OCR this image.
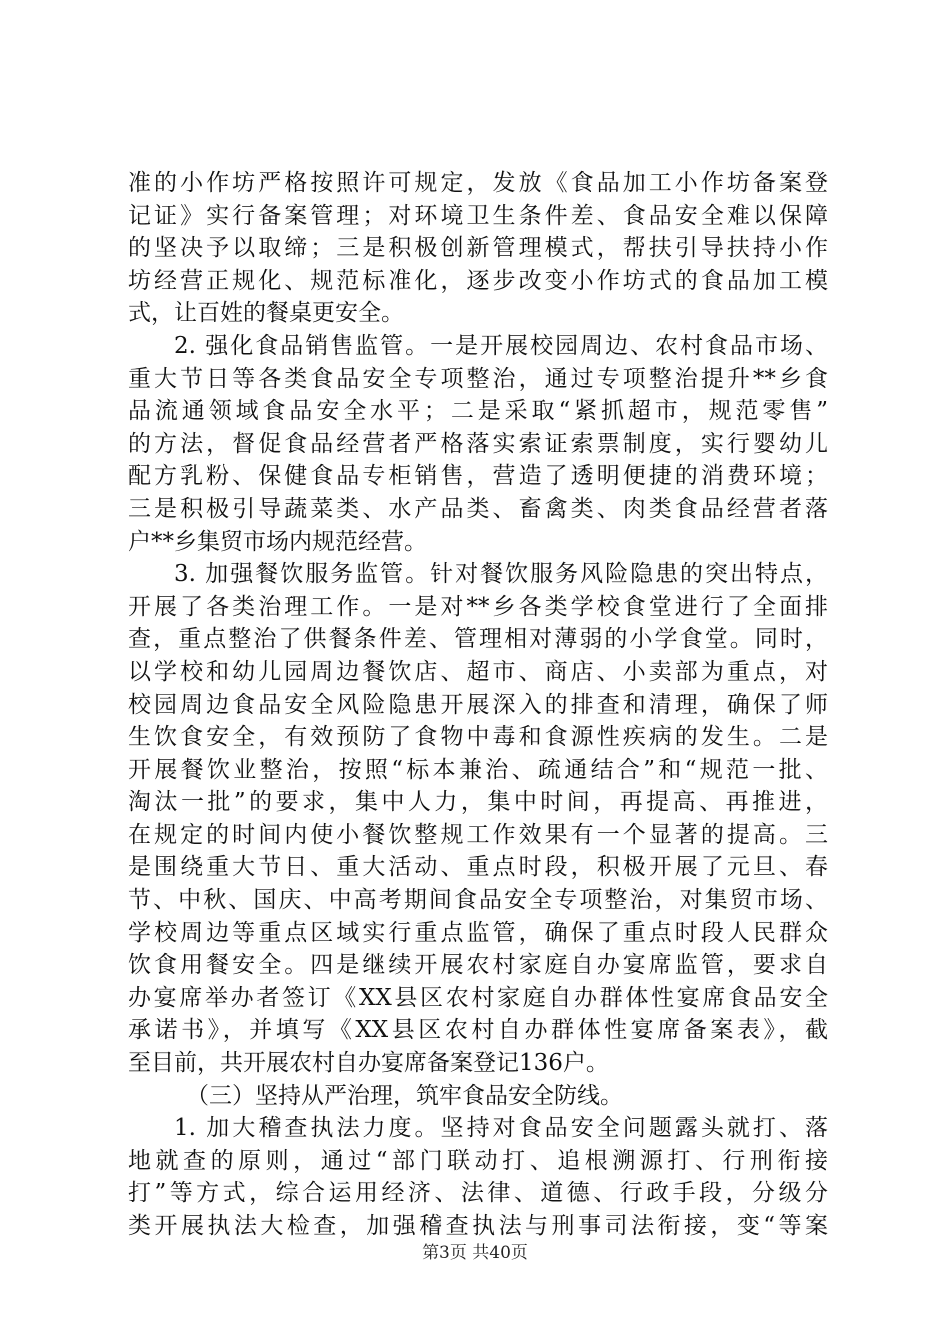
准的小作坊严格按照许可规定，发放《食品加工小作坊备案登
记证》实行备案管理；对环境卫生条件差、食品安全难以保障
的坚决予以取缔；三是积极创新管理模式，帮扶引导扶持小作
坊经营正规化、规范标准化，逐步改变小作坊式的食品加工模
式，让百姓的餐桌更安全。
2. 强化食品销售监管。一是开展校园周边、农村食品市场、
重大节日等各类食品安全专项整治，通过专项整治提升**乡食
品流通领域食品安全水平；二是采取“紧抓超市，规范零售”
的方法，督促食品经营者严格落实索证索票制度，实行婴幼儿
配方乳粉、保健食品专柜销售，营造了透明便捷的消费环境；
三是积极引导蔬菜类、水产品类、畜禽类、肉类食品经营者落
户**乡集贸市场内规范经营。
3. 加强餐饮服务监管。针对餐饮服务风险隐患的突出特点，
开展了各类治理工作。一是对**乡各类学校食堂进行了全面排
查，重点整治了供餐条件差、管理相对薄弱的小学食堂。同时，
以学校和幼儿园周边餐饮店、超市、商店、小卖部为重点，对
校园周边食品安全风险隐患开展深入的排查和清理，确保了师
生饮食安全，有效预防了食物中毒和食源性疾病的发生。二是
开展餐饮业整治，按照“标本兼治、疏通结合”和“规范一批、
淘汰一批”的要求，集中人力，集中时间，再提高、再推进，
在规定的时间内使小餐饮整规工作效果有一个显著的提高。三
是围绕重大节日、重大活动、重点时段，积极开展了元旦、春
节、中秋、国庆、中高考期间食品安全专项整治，对集贸市场、
学校周边等重点区域实行重点监管，确保了重点时段人民群众
饮食用餐安全。四是继续开展农村家庭自办宴席监管，要求自
办宴席举办者签订《XX县区农村家庭自办群体性宴席食品安全
承诺书》，并填写《XX县区农村自办群体性宴席备案表》，截
至目前，共开展农村自办宴席备案登记136户。
（三）坚持从严治理，筑牢食品安全防线。
1. 加大稽查执法力度。坚持对食品安全问题露头就打、落
地就查的原则，通过“部门联动打、追根溯源打、行刑衔接
打”等方式，综合运用经济、法律、道德、行政手段，分级分
类开展执法大检查，加强稽查执法与刑事司法衔接，变“等案
第3页 共40页
